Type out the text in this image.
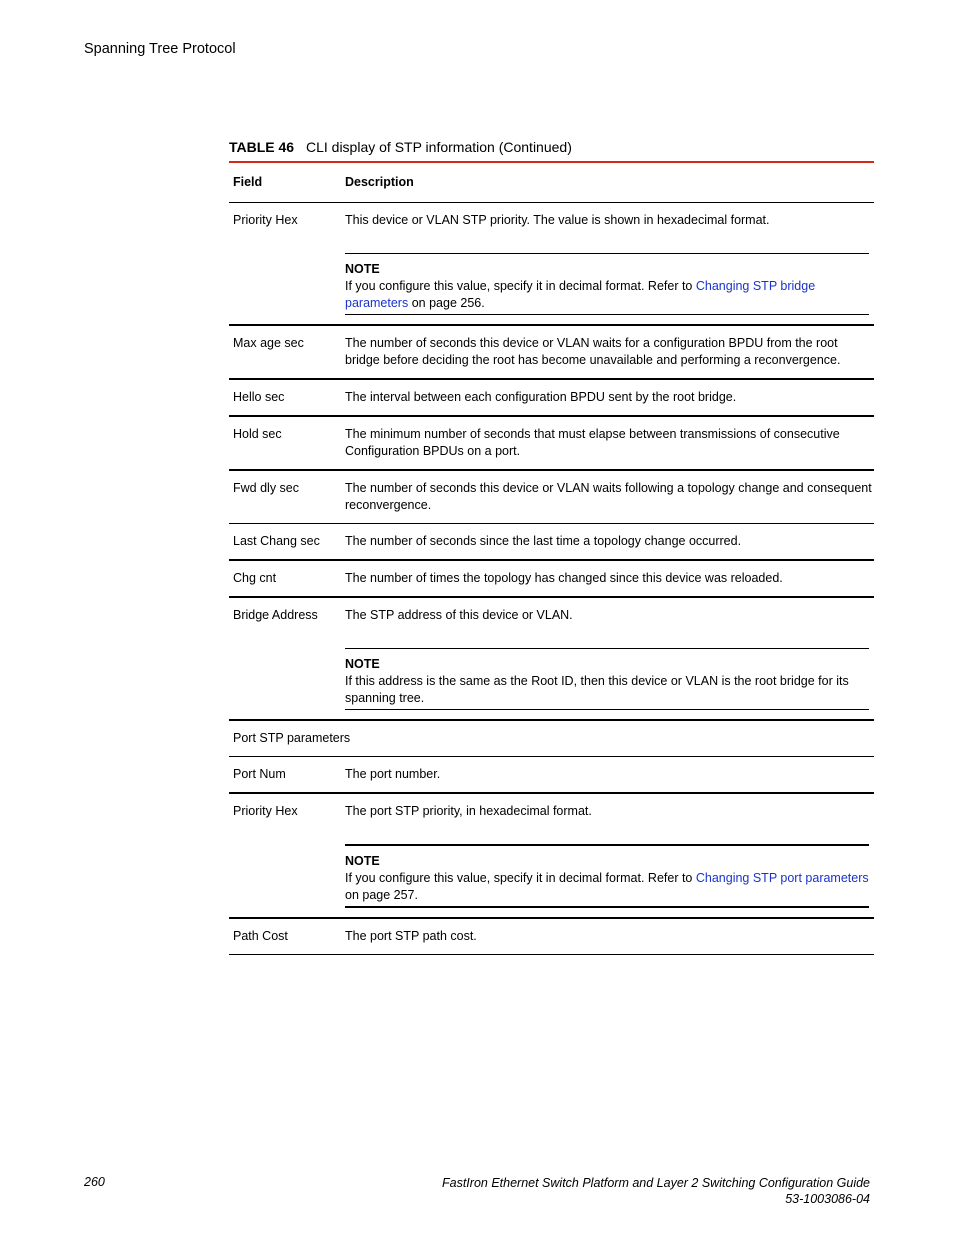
Spanning Tree Protocol
TABLE 46 CLI display of STP information (Continued)
Field	Description
Priority Hex	This device or VLAN STP priority. The value is shown in hexadecimal format.
NOTE
If you configure this value, specify it in decimal format. Refer to Changing STP bridge parameters on page 256.
Max age sec	The number of seconds this device or VLAN waits for a configuration BPDU from the root bridge before deciding the root has become unavailable and performing a reconvergence.
Hello sec	The interval between each configuration BPDU sent by the root bridge.
Hold sec	The minimum number of seconds that must elapse between transmissions of consecutive Configuration BPDUs on a port.
Fwd dly sec	The number of seconds this device or VLAN waits following a topology change and consequent reconvergence.
Last Chang sec	The number of seconds since the last time a topology change occurred.
Chg cnt	The number of times the topology has changed since this device was reloaded.
Bridge Address	The STP address of this device or VLAN.
NOTE
If this address is the same as the Root ID, then this device or VLAN is the root bridge for its spanning tree.
Port STP parameters
Port Num	The port number.
Priority Hex	The port STP priority, in hexadecimal format.
NOTE
If you configure this value, specify it in decimal format. Refer to Changing STP port parameters on page 257.
Path Cost	The port STP path cost.
260	FastIron Ethernet Switch Platform and Layer 2 Switching Configuration Guide
53-1003086-04
